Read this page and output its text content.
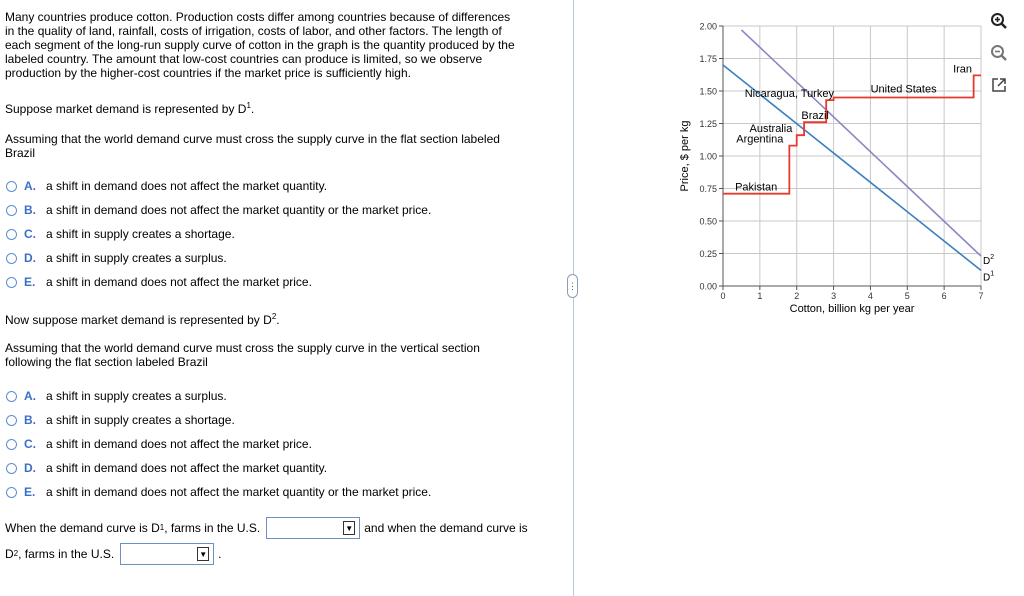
Many countries produce cotton. Production costs differ among countries because of differences
in the quality of land, rainfall, costs of irrigation, costs of labor, and other factors. The length of
each segment of the long-run supply curve of cotton in the graph is the quantity produced by the
labeled country. The amount that low-cost countries can produce is limited, so we observe
production by the higher-cost countries if the market price is sufficiently high.
Suppose market demand is represented by $D^1$.
Assuming that the world demand curve must cross the supply curve in the flat section labeled
Brazil
A. a shift in demand does not affect the market quantity.
B. a shift in demand does not affect the market quantity or the market price.
C. a shift in supply creates a shortage.
D. a shift in supply creates a surplus.
E. a shift in demand does not affect the market price.
Now suppose market demand is represented by $D^2$.
Assuming that the world demand curve must cross the supply curve in the vertical section
following the flat section labeled Brazil
A. a shift in supply creates a surplus.
B. a shift in supply creates a shortage.
C. a shift in demand does not affect the market price.
D. a shift in demand does not affect the market quantity.
E. a shift in demand does not affect the market quantity or the market price.
When the demand curve is D 1 , farms in the U.S.	▼ and when the demand curve is
D 2 , farms in the U.S.	▼ .
⋮	0.00
0.25
0.50
0.75
1.00
1.25
1.50
1.75
2.00
0	1	2	3	4	5	6	7
$D^1$
$D^2$
Pakistan
Argentina
Australia
Brazil
Nicaragua, Turkey	United States
Iran
Cotton, billion kg per year
Price, $ per kg
